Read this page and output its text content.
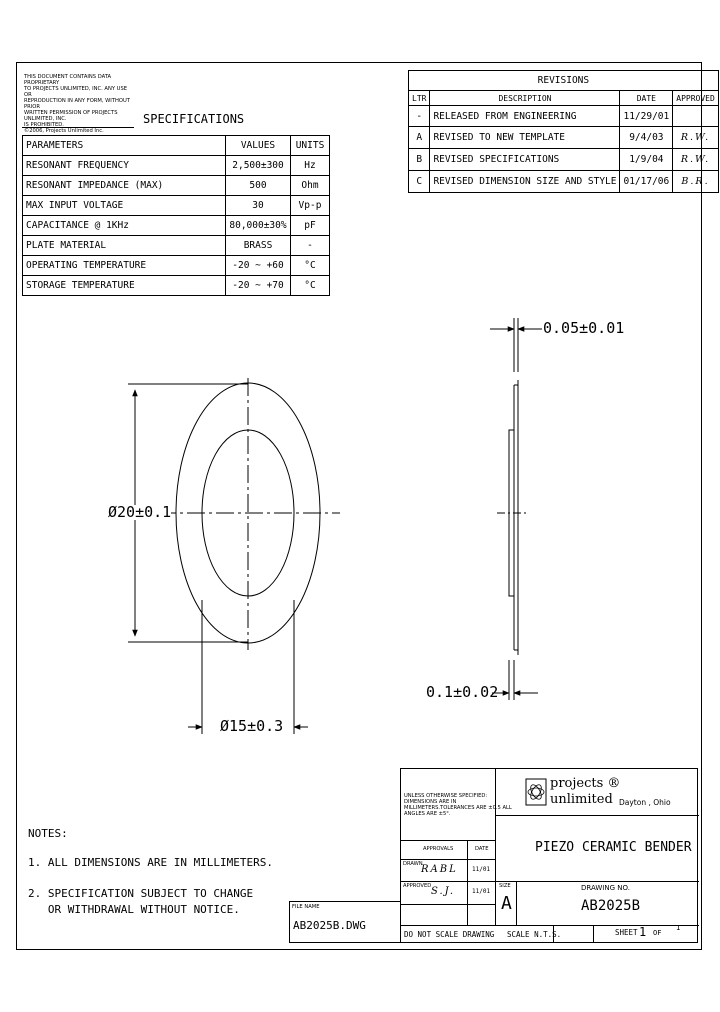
THIS DOCUMENT CONTAINS DATA PROPRIETARY
TO PROJECTS UNLIMITED, INC. ANY USE OR
REPRODUCTION IN ANY FORM, WITHOUT PRIOR
WRITTEN PERMISSION OF PROJECTS UNLIMITED, INC.
IS PROHIBITED.
©2006, Projects Unlimited Inc.
SPECIFICATIONS
PARAMETERS	VALUES	UNITS
RESONANT FREQUENCY	2,500±300	Hz
RESONANT IMPEDANCE (MAX)	500	Ohm
MAX INPUT VOLTAGE	30	Vp-p
CAPACITANCE @ 1KHz	80,000±30%	pF
PLATE MATERIAL	BRASS	-
OPERATING TEMPERATURE	-20 ~ +60	°C
STORAGE TEMPERATURE	-20 ~ +70	°C
REVISIONS			
LTR	DESCRIPTION	DATE	APPROVED
-	RELEASED FROM ENGINEERING	11/29/01	
A	REVISED TO NEW TEMPLATE	9/4/03	R.W.
B	REVISED SPECIFICATIONS	1/9/04	R.W.
C	REVISED DIMENSION SIZE AND STYLE	01/17/06	B.R.
0.05±0.01
Ø20±0.1
Ø15±0.3
0.1±0.02
NOTES:
1. ALL DIMENSIONS ARE IN MILLIMETERS.
2. SPECIFICATION SUBJECT TO CHANGE
OR WITHDRAWAL WITHOUT NOTICE.	FILE NAME
AB2025B.DWG
UNLESS OTHERWISE SPECIFIED:
DIMENSIONS ARE IN
MILLIMETERS.TOLERANCES ARE ±0.5 ALL
ANGLES ARE ±5°.
projects ®
unlimited Dayton , Ohio
APPROVALS	DATE
DRAWN
RABL 11/01
APPROVED S.J.	11/01
PIEZO CERAMIC BENDER
SIZE
A
DRAWING NO.
AB2025B
DO NOT SCALE DRAWING SCALE N.T.S.	SHEET 1 OF
1
